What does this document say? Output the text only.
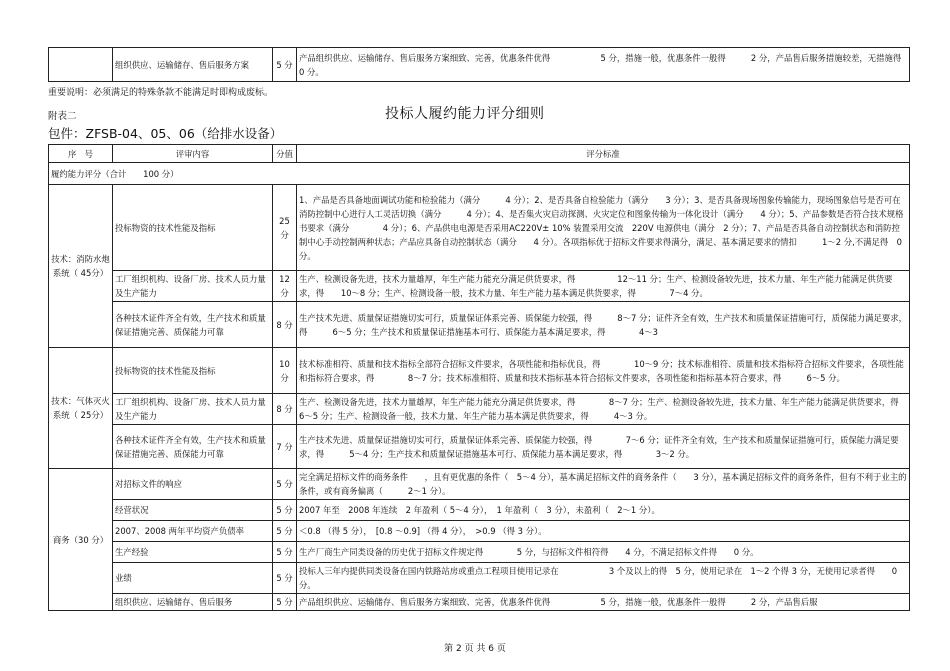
	组织供应、运输储存、售后服务方案	5 分	产品组织供应、运输储存、售后服务方案细致、完善，优惠条件优得　　　　　　5 分，措施一般，优惠条件一般得　　　2 分，产品售后服务措施较差，无措施得　　0 分。
重要说明：必须满足的特殊条款不能满足时即构成废标。
附表二	投标人履约能力评分细则
包件：ZFSB-04、05、06（给排水设备）
序　号	评审内容	分值	评分标准
履约能力评分（合计　　100 分）			
技术：消防水炮系统（ 45分）	投标物资的技术性能及指标	25 分	1、产品是否具备地面调试功能和检验能力（满分　　　4 分）；2、是否具备自检验能力（满分　　3 分）；3、是否具备现场图象传输能力，现场图象信号是否可在消防控制中心进行人工灵活切换（满分　　　4 分）；4、是否集火灾启动探测、火灾定位和图象传输为一体化设计（满分　　4 分）；5、产品参数是否符合技术规格书要求（满分　　　　4 分）；6、产品供电电源是否采用AC220V± 10% 装置采用交流　220V 电源供电（满分　2 分）；7、产品是否具备自动控制状态和消防控制中心手动控制两种状态；产品应具备自动控制状态（满分　　4 分）。各项指标优于招标文件要求得满分，满足、基本满足要求的情扣　　　1～2 分,不满足得　0 分。
	工厂组织机构、设备厂房、技术人员力量及生产能力	12 分	生产、检测设备先进，技术力量雄厚，年生产能力能充分满足供货要求，得　　　　　12～11 分；生产、检测设备较先进，技术力量、年生产能力能满足供货要求，得　　10～8 分；生产、检测设备一般，技术力量、年生产能力基本满足供货要求，得　　　　7～4 分。
	各种技术证件齐全有效，生产技术和质量保证措施完善、质保能力可靠	8 分	生产技术先进、质量保证措施切实可行，质量保证体系完善、质保能力较强，得　　　8～7 分；证件齐全有效，生产技术和质量保证措施可行，质保能力满足要求，得　　　6～5 分；生产技术和质量保证措施基本可行、质保能力基本满足要求，得　　　　4～3
技术：气体灭火系统（ 25分）	投标物资的技术性能及指标	10 分	技术标准相符、质量和技术指标全部符合招标文件要求，各项性能和指标优良，得　　　　10～9 分；技术标准相符、质量和技术指标符合招标文件要求，各项性能和指标符合要求，得　　　　8～7 分；技术标准相符、质量和技术指标基本符合招标文件要求，各项性能和指标基本符合要求，得　　　6～5 分。
	工厂组织机构、设备厂房、技术人员力量及生产能力	8 分	生产、检测设备先进，技术力量雄厚，年生产能力能充分满足供货要求，得　　　　8～7 分；生产、检测设备较先进，技术力量、年生产能力能满足供货要求，得　　　6～5 分；生产、检测设备一般，技术力量、年生产能力基本满足供货要求，得　　　4～3 分。
	各种技术证件齐全有效，生产技术和质量保证措施完善、质保能力可靠	7 分	生产技术先进、质量保证措施切实可行，质量保证体系完善、质保能力较强，得　　　　7～6 分；证件齐全有效，生产技术和质量保证措施可行，质保能力满足要求，得　　　5～4 分；生产技术和质量保证措施基本可行、质保能力基本满足要求，得　　　　3～2 分。
商务（30 分）	对招标文件的响应	5 分	完全满足招标文件的商务条件　　，且有更优惠的条件（　5～4 分），基本满足招标文件的商务条件（　　3 分），基本满足招标文件的商务条件，但有不利于业主的条件，或有商务偏离（　　　2～1 分）。
	经营状况	5 分	2007 年至　2008 年连续　2 年盈利（ 5～4 分），　1 年盈利（　3 分），未盈利（　2～1 分）。
	2007、2008 两年平均资产负债率	5 分	＜0.8 （得 5 分），　[0.8 ～0.9] （得 4 分），　>0.9 （得 3 分）。
	生产经验	5 分	生产厂商生产同类设备的历史优于招标文件规定得　　　　5 分，与招标文件相符得　　4 分，不满足招标文件得　　0 分。
	业绩	5 分	投标人三年内提供同类设备在国内铁路站房或重点工程项目使用记录在　　　　　　3 个及以上的得　5 分，使用记录在　1～2 个得 3 分，无使用记录者得　　0 分。
	组织供应、运输储存、售后服务	5 分	产品组织供应、运输储存、售后服务方案细致、完善，优惠条件优得　　　　　　5 分，措施一般，优惠条件一般得　　　2 分，产品售后服
第 2 页 共 6 页
